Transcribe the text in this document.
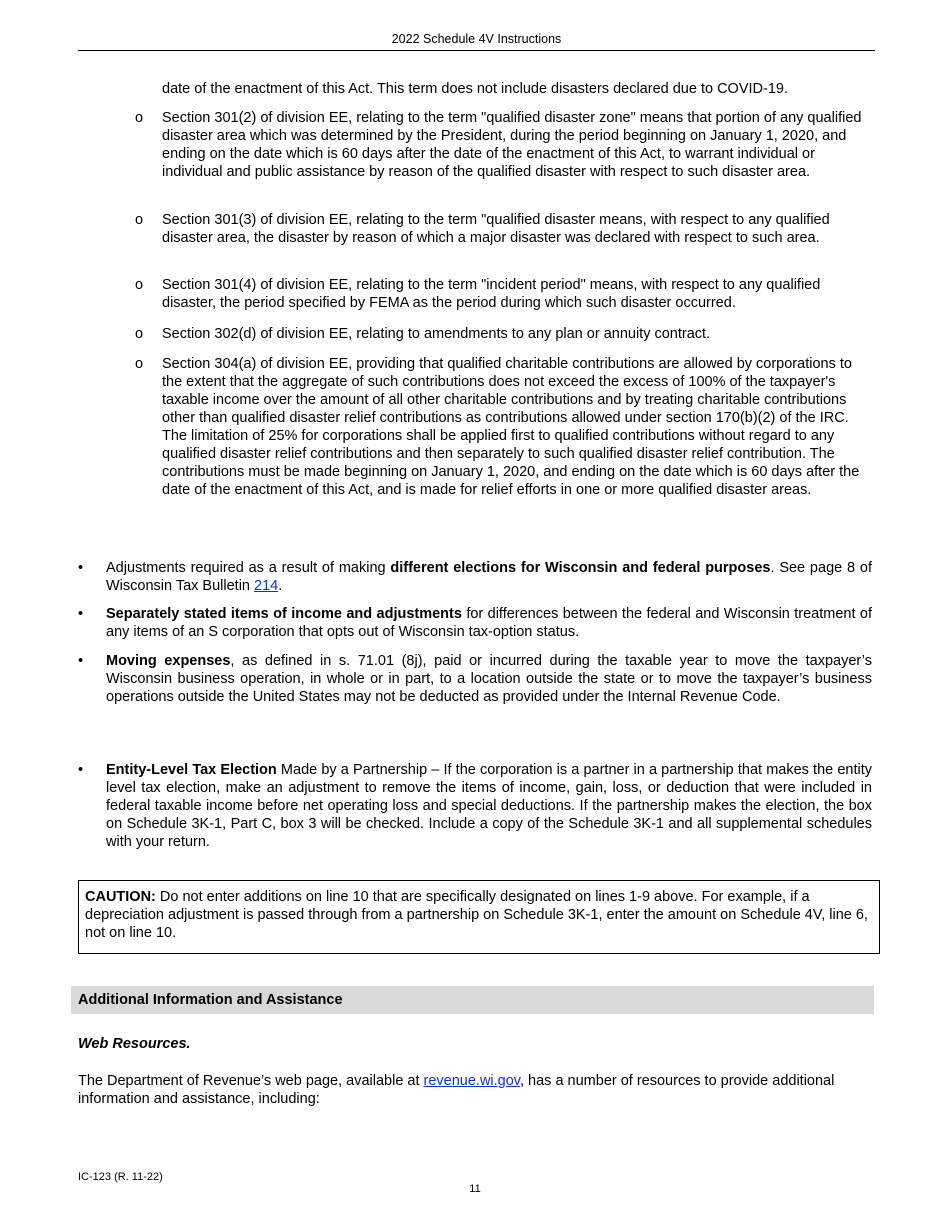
2022 Schedule 4V Instructions
date of the enactment of this Act. This term does not include disasters declared due to COVID-19.
o	Section 301(2) of division EE, relating to the term "qualified disaster zone" means that portion of any qualified disaster area which was determined by the President, during the period beginning on January 1, 2020, and ending on the date which is 60 days after the date of the enactment of this Act, to warrant individual or individual and public assistance by reason of the qualified disaster with respect to such disaster area.
o	Section 301(3) of division EE, relating to the term "qualified disaster means, with respect to any qualified disaster area, the disaster by reason of which a major disaster was declared with respect to such area.
o	Section 301(4) of division EE, relating to the term "incident period" means, with respect to any qualified disaster, the period specified by FEMA as the period during which such disaster occurred.
o	Section 302(d) of division EE, relating to amendments to any plan or annuity contract.
o	Section 304(a) of division EE, providing that qualified charitable contributions are allowed by corporations to the extent that the aggregate of such contributions does not exceed the excess of 100% of the taxpayer's taxable income over the amount of all other charitable contributions and by treating charitable contributions other than qualified disaster relief contributions as contributions allowed under section 170(b)(2) of the IRC. The limitation of 25% for corporations shall be applied first to qualified contributions without regard to any qualified disaster relief contributions and then separately to such qualified disaster relief contribution. The contributions must be made beginning on January 1, 2020, and ending on the date which is 60 days after the date of the enactment of this Act, and is made for relief efforts in one or more qualified disaster areas.
•	Adjustments required as a result of making different elections for Wisconsin and federal purposes. See page 8 of Wisconsin Tax Bulletin 214.
•	Separately stated items of income and adjustments for differences between the federal and Wisconsin treatment of any items of an S corporation that opts out of Wisconsin tax-option status.
•	Moving expenses, as defined in s. 71.01 (8j), paid or incurred during the taxable year to move the taxpayer’s Wisconsin business operation, in whole or in part, to a location outside the state or to move the taxpayer’s business operations outside the United States may not be deducted as provided under the Internal Revenue Code.
•	Entity-Level Tax Election Made by a Partnership – If the corporation is a partner in a partnership that makes the entity level tax election, make an adjustment to remove the items of income, gain, loss, or deduction that were included in federal taxable income before net operating loss and special deductions. If the partnership makes the election, the box on Schedule 3K-1, Part C, box 3 will be checked. Include a copy of the Schedule 3K-1 and all supplemental schedules with your return.
CAUTION: Do not enter additions on line 10 that are specifically designated on lines 1-9 above. For example, if a depreciation adjustment is passed through from a partnership on Schedule 3K-1, enter the amount on Schedule 4V, line 6, not on line 10.
Additional Information and Assistance
Web Resources.
The Department of Revenue’s web page, available at revenue.wi.gov, has a number of resources to provide additional information and assistance, including:
IC-123 (R. 11-22)
11
